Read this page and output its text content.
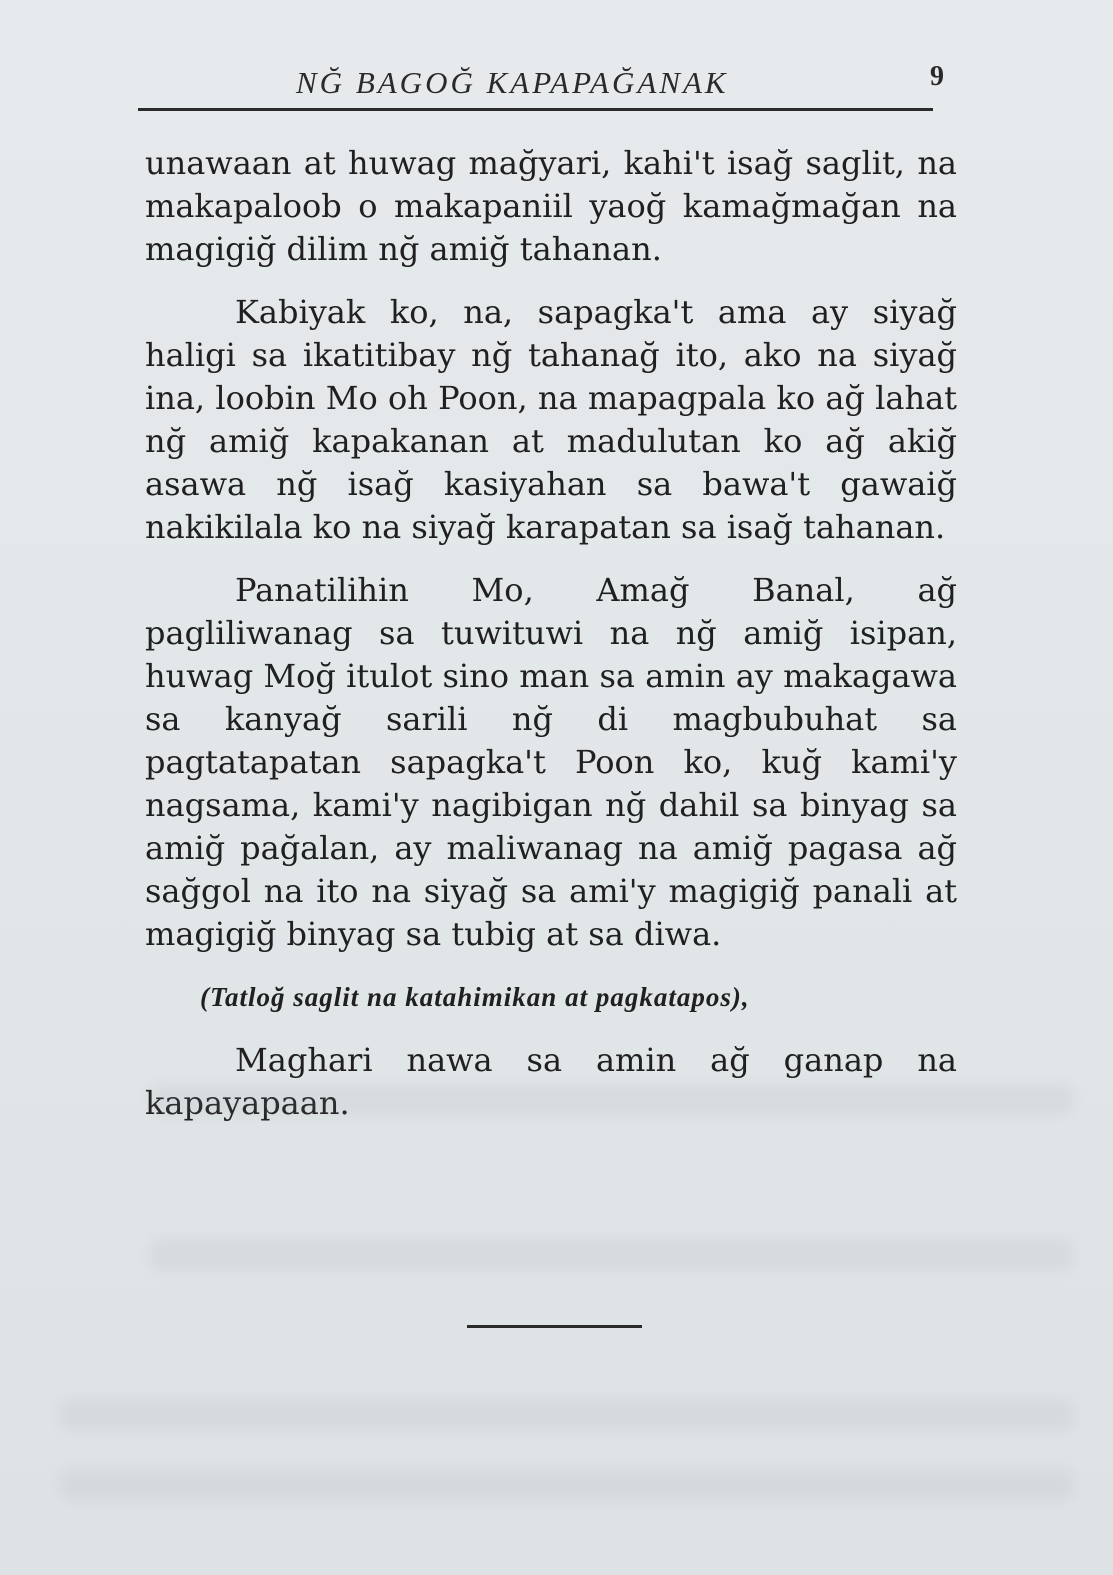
NĞ BAGOĞ KAPAPAĞANAK	9

unawaan at huwag mağyari, kahi't isağ saglit, na makapaloob o makapaniil yaoğ kamağmağan na magigiğ dilim nğ amiğ tahanan.

Kabiyak ko, na, sapagka't ama ay siyağ haligi sa ikatitibay nğ tahanağ ito, ako na siyağ ina, loobin Mo oh Poon, na mapagpala ko ağ lahat nğ amiğ kapakanan at madulutan ko ağ akiğ asawa nğ isağ kasiyahan sa bawa't gawaiğ nakikilala ko na siyağ karapatan sa isağ tahanan.

Panatilihin Mo, Amağ Banal, ağ pagliliwanag sa tuwituwi na nğ amiğ isipan, huwag Moğ itulot sino man sa amin ay makagawa sa kanyağ sarili nğ di magbubuhat sa pagtatapatan sapagka't Poon ko, kuğ kami'y nagsama, kami'y nagibigan nğ dahil sa binyag sa amiğ pağalan, ay maliwanag na amiğ pagasa ağ sağgol na ito na siyağ sa ami'y magigiğ panali at magigiğ binyag sa tubig at sa diwa.

(Tatloğ saglit na katahimikan at pagkatapos),

Maghari nawa sa amin ağ ganap na kapayapaan.
